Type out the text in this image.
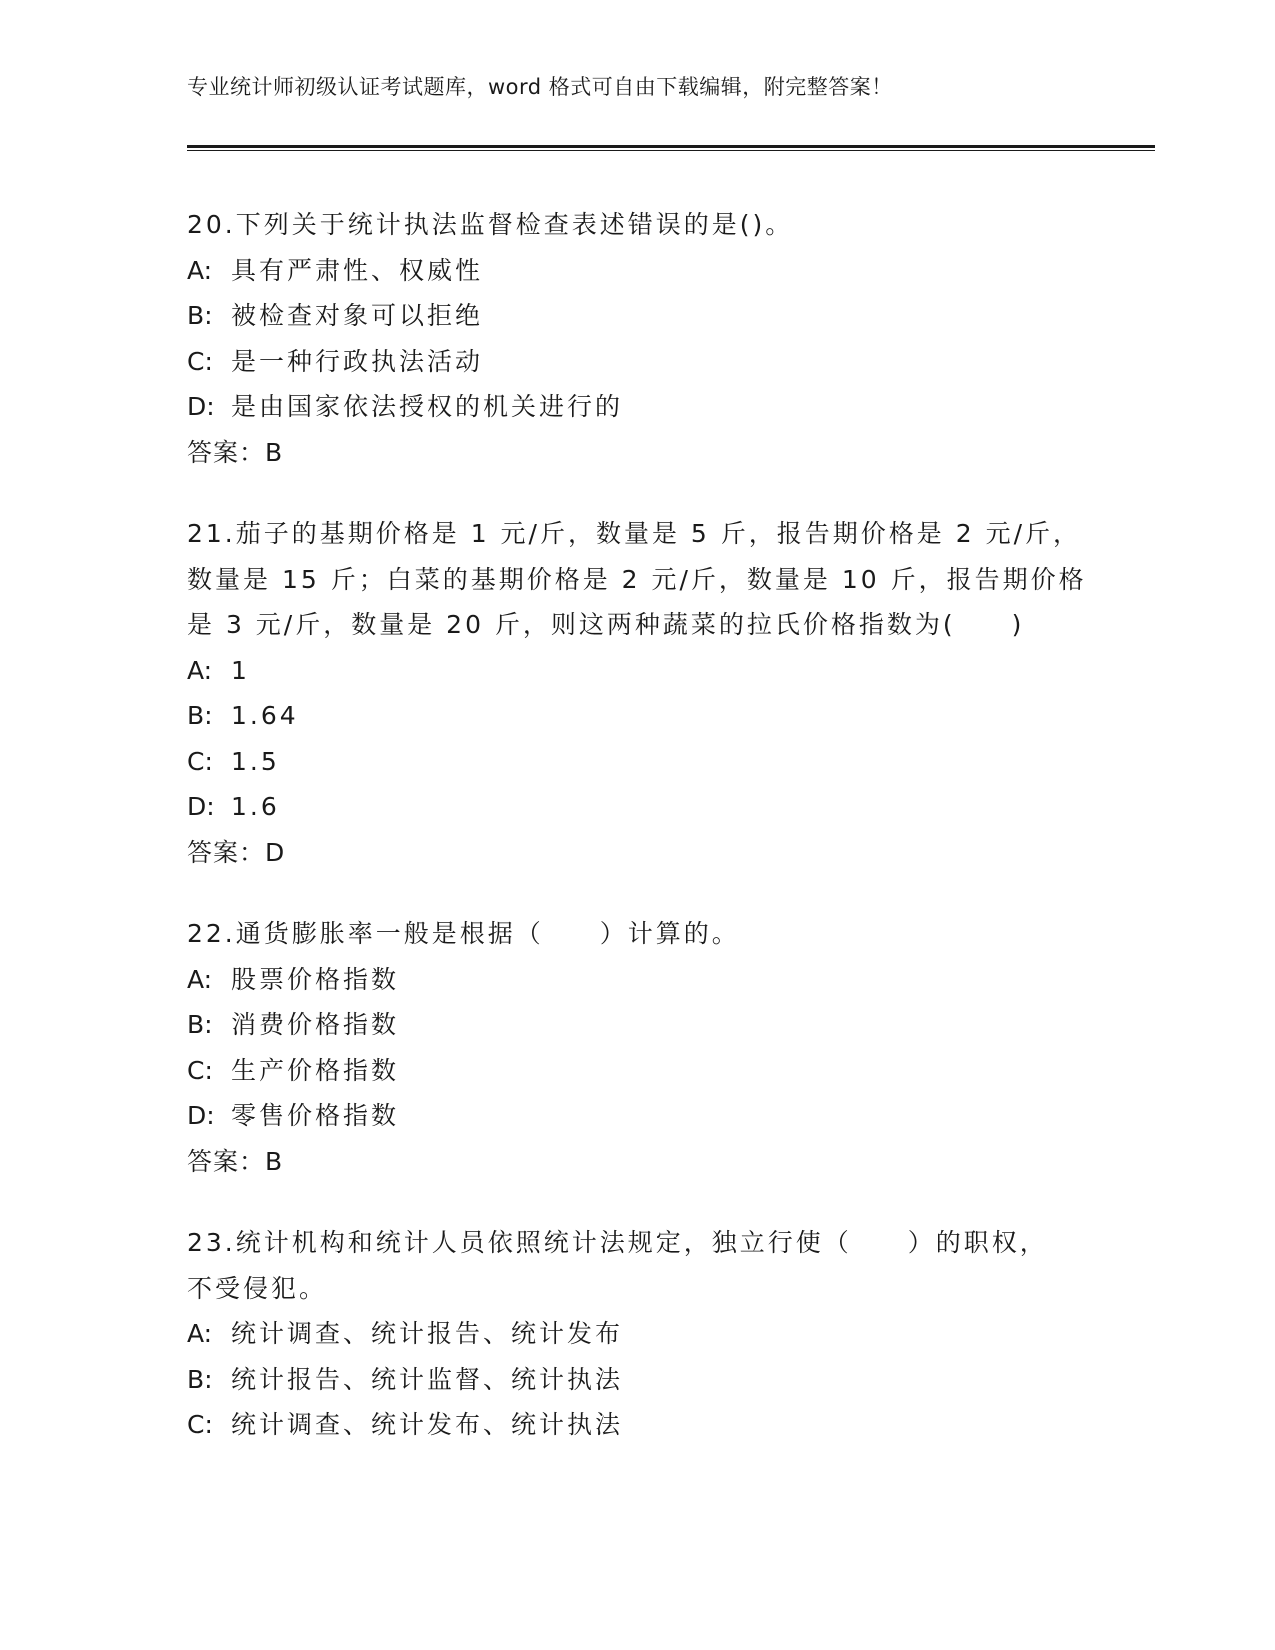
专业统计师初级认证考试题库，word 格式可自由下载编辑，附完整答案！
20.下列关于统计执法监督检查表述错误的是()。
A: 具有严肃性、权威性
B: 被检查对象可以拒绝
C: 是一种行政执法活动
D: 是由国家依法授权的机关进行的
答案：B
21.茄子的基期价格是 1 元/斤，数量是 5 斤，报告期价格是 2 元/斤，
数量是 15 斤；白菜的基期价格是 2 元/斤，数量是 10 斤，报告期价格
是 3 元/斤，数量是 20 斤，则这两种蔬菜的拉氏价格指数为(　　)
A: 1
B: 1.64
C: 1.5
D: 1.6
答案：D
22.通货膨胀率一般是根据（　　）计算的。
A: 股票价格指数
B: 消费价格指数
C: 生产价格指数
D: 零售价格指数
答案：B
23.统计机构和统计人员依照统计法规定，独立行使（　　）的职权，
不受侵犯。
A: 统计调查、统计报告、统计发布
B: 统计报告、统计监督、统计执法
C: 统计调查、统计发布、统计执法
